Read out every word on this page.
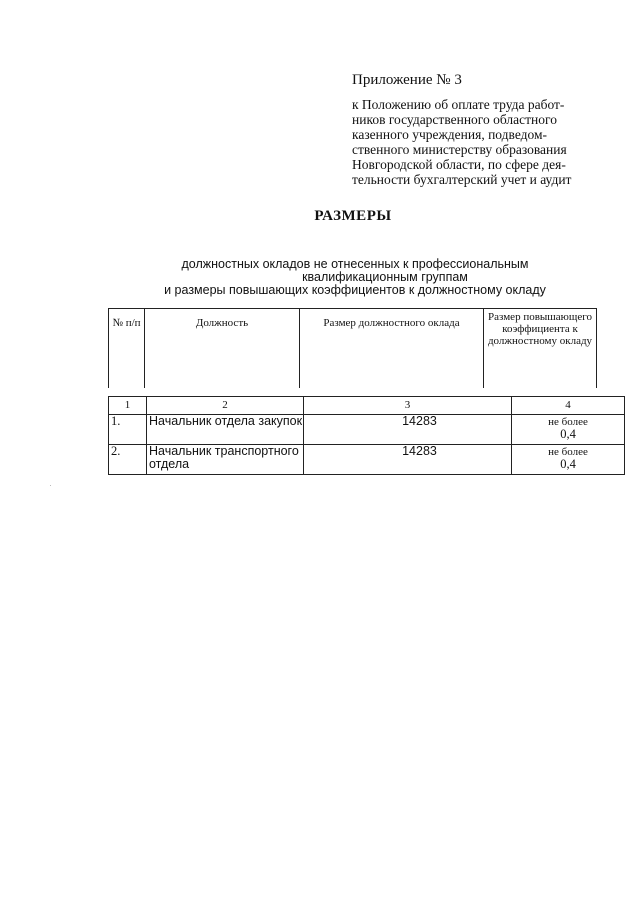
Приложение № 3
к Положению об оплате труда работ-
ников государственного областного
казенного учреждения, подведом-
ственного министерству образования
Новгородской области, по сфере дея-
тельности бухгалтерский учет и аудит
РАЗМЕРЫ
должностных окладов не отнесенных к профессиональным
квалификационным группам
и размеры повышающих коэффициентов к должностному окладу
№ п/п	Должность	Размер должностного оклада	Размер повышающего коэффициента к должностному окладу
1	2	3	4
1.	Начальник отдела закупок	14283	не более
0,4

2.	Начальник транспортного отдела	14283	не более
0,4
